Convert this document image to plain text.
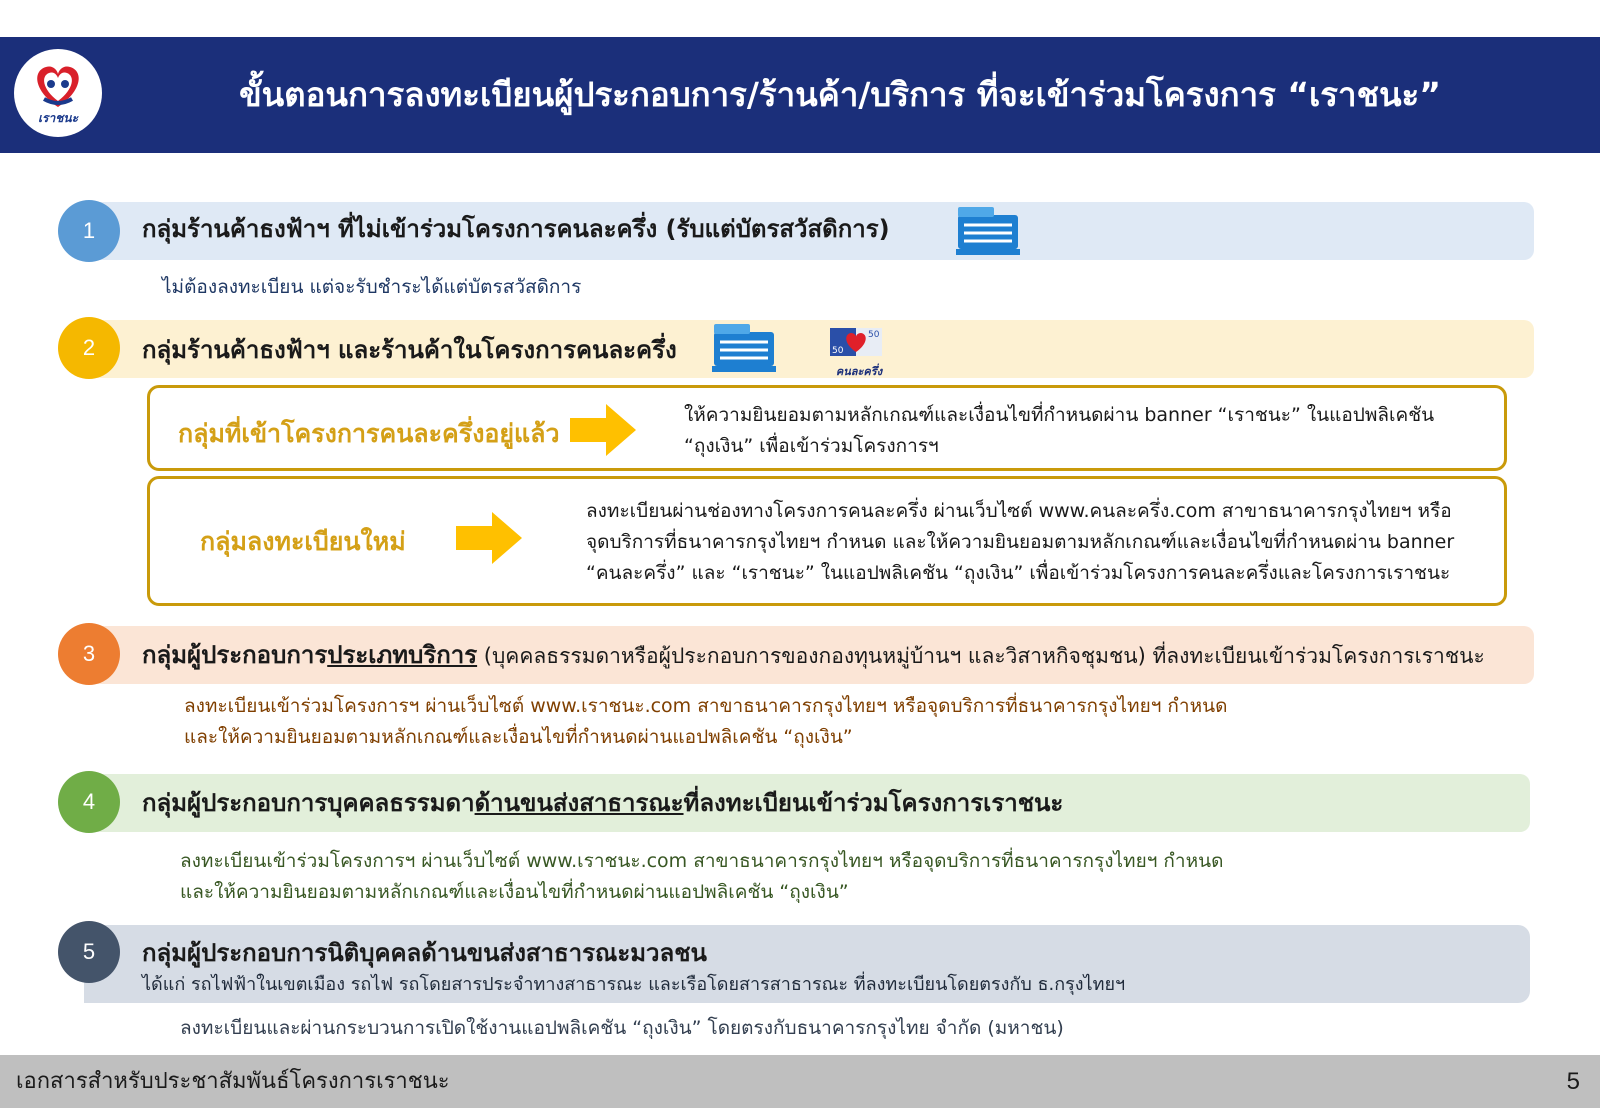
เราชนะ
ขั้นตอนการลงทะเบียนผู้ประกอบการ/ร้านค้า/บริการ ที่จะเข้าร่วมโครงการ “เราชนะ”
1	กลุ่มร้านค้าธงฟ้าฯ ที่ไม่เข้าร่วมโครงการคนละครึ่ง (รับแต่บัตรสวัสดิการ)
ไม่ต้องลงทะเบียน แต่จะรับชำระได้แต่บัตรสวัสดิการ
2	กลุ่มร้านค้าธงฟ้าฯ และร้านค้าในโครงการคนละครึ่ง	50
50
คนละครึ่ง
กลุ่มที่เข้าโครงการคนละครึ่งอยู่แล้ว
ให้ความยินยอมตามหลักเกณฑ์และเงื่อนไขที่กำหนดผ่าน banner “เราชนะ” ในแอปพลิเคชัน
“ถุงเงิน” เพื่อเข้าร่วมโครงการฯ
กลุ่มลงทะเบียนใหม่
ลงทะเบียนผ่านช่องทางโครงการคนละครึ่ง ผ่านเว็บไซต์ www.คนละครึ่ง.com สาขาธนาคารกรุงไทยฯ หรือ
จุดบริการที่ธนาคารกรุงไทยฯ กำหนด และให้ความยินยอมตามหลักเกณฑ์และเงื่อนไขที่กำหนดผ่าน banner
“คนละครึ่ง” และ “เราชนะ” ในแอปพลิเคชัน “ถุงเงิน” เพื่อเข้าร่วมโครงการคนละครึ่งและโครงการเราชนะ
3	กลุ่มผู้ประกอบการประเภทบริการ (บุคคลธรรมดาหรือผู้ประกอบการของกองทุนหมู่บ้านฯ และวิสาหกิจชุมชน) ที่ลงทะเบียนเข้าร่วมโครงการเราชนะ
ลงทะเบียนเข้าร่วมโครงการฯ ผ่านเว็บไซต์ www.เราชนะ.com สาขาธนาคารกรุงไทยฯ หรือจุดบริการที่ธนาคารกรุงไทยฯ กำหนด
และให้ความยินยอมตามหลักเกณฑ์และเงื่อนไขที่กำหนดผ่านแอปพลิเคชัน “ถุงเงิน”
4	กลุ่มผู้ประกอบการบุคคลธรรมดาด้านขนส่งสาธารณะที่ลงทะเบียนเข้าร่วมโครงการเราชนะ
ลงทะเบียนเข้าร่วมโครงการฯ ผ่านเว็บไซต์ www.เราชนะ.com สาขาธนาคารกรุงไทยฯ หรือจุดบริการที่ธนาคารกรุงไทยฯ กำหนด
และให้ความยินยอมตามหลักเกณฑ์และเงื่อนไขที่กำหนดผ่านแอปพลิเคชัน “ถุงเงิน”
5	กลุ่มผู้ประกอบการนิติบุคคลด้านขนส่งสาธารณะมวลชน
ได้แก่ รถไฟฟ้าในเขตเมือง รถไฟ รถโดยสารประจำทางสาธารณะ และเรือโดยสารสาธารณะ ที่ลงทะเบียนโดยตรงกับ ธ.กรุงไทยฯ
ลงทะเบียนและผ่านกระบวนการเปิดใช้งานแอปพลิเคชัน “ถุงเงิน” โดยตรงกับธนาคารกรุงไทย จำกัด (มหาชน)
เอกสารสำหรับประชาสัมพันธ์โครงการเราชนะ	5
